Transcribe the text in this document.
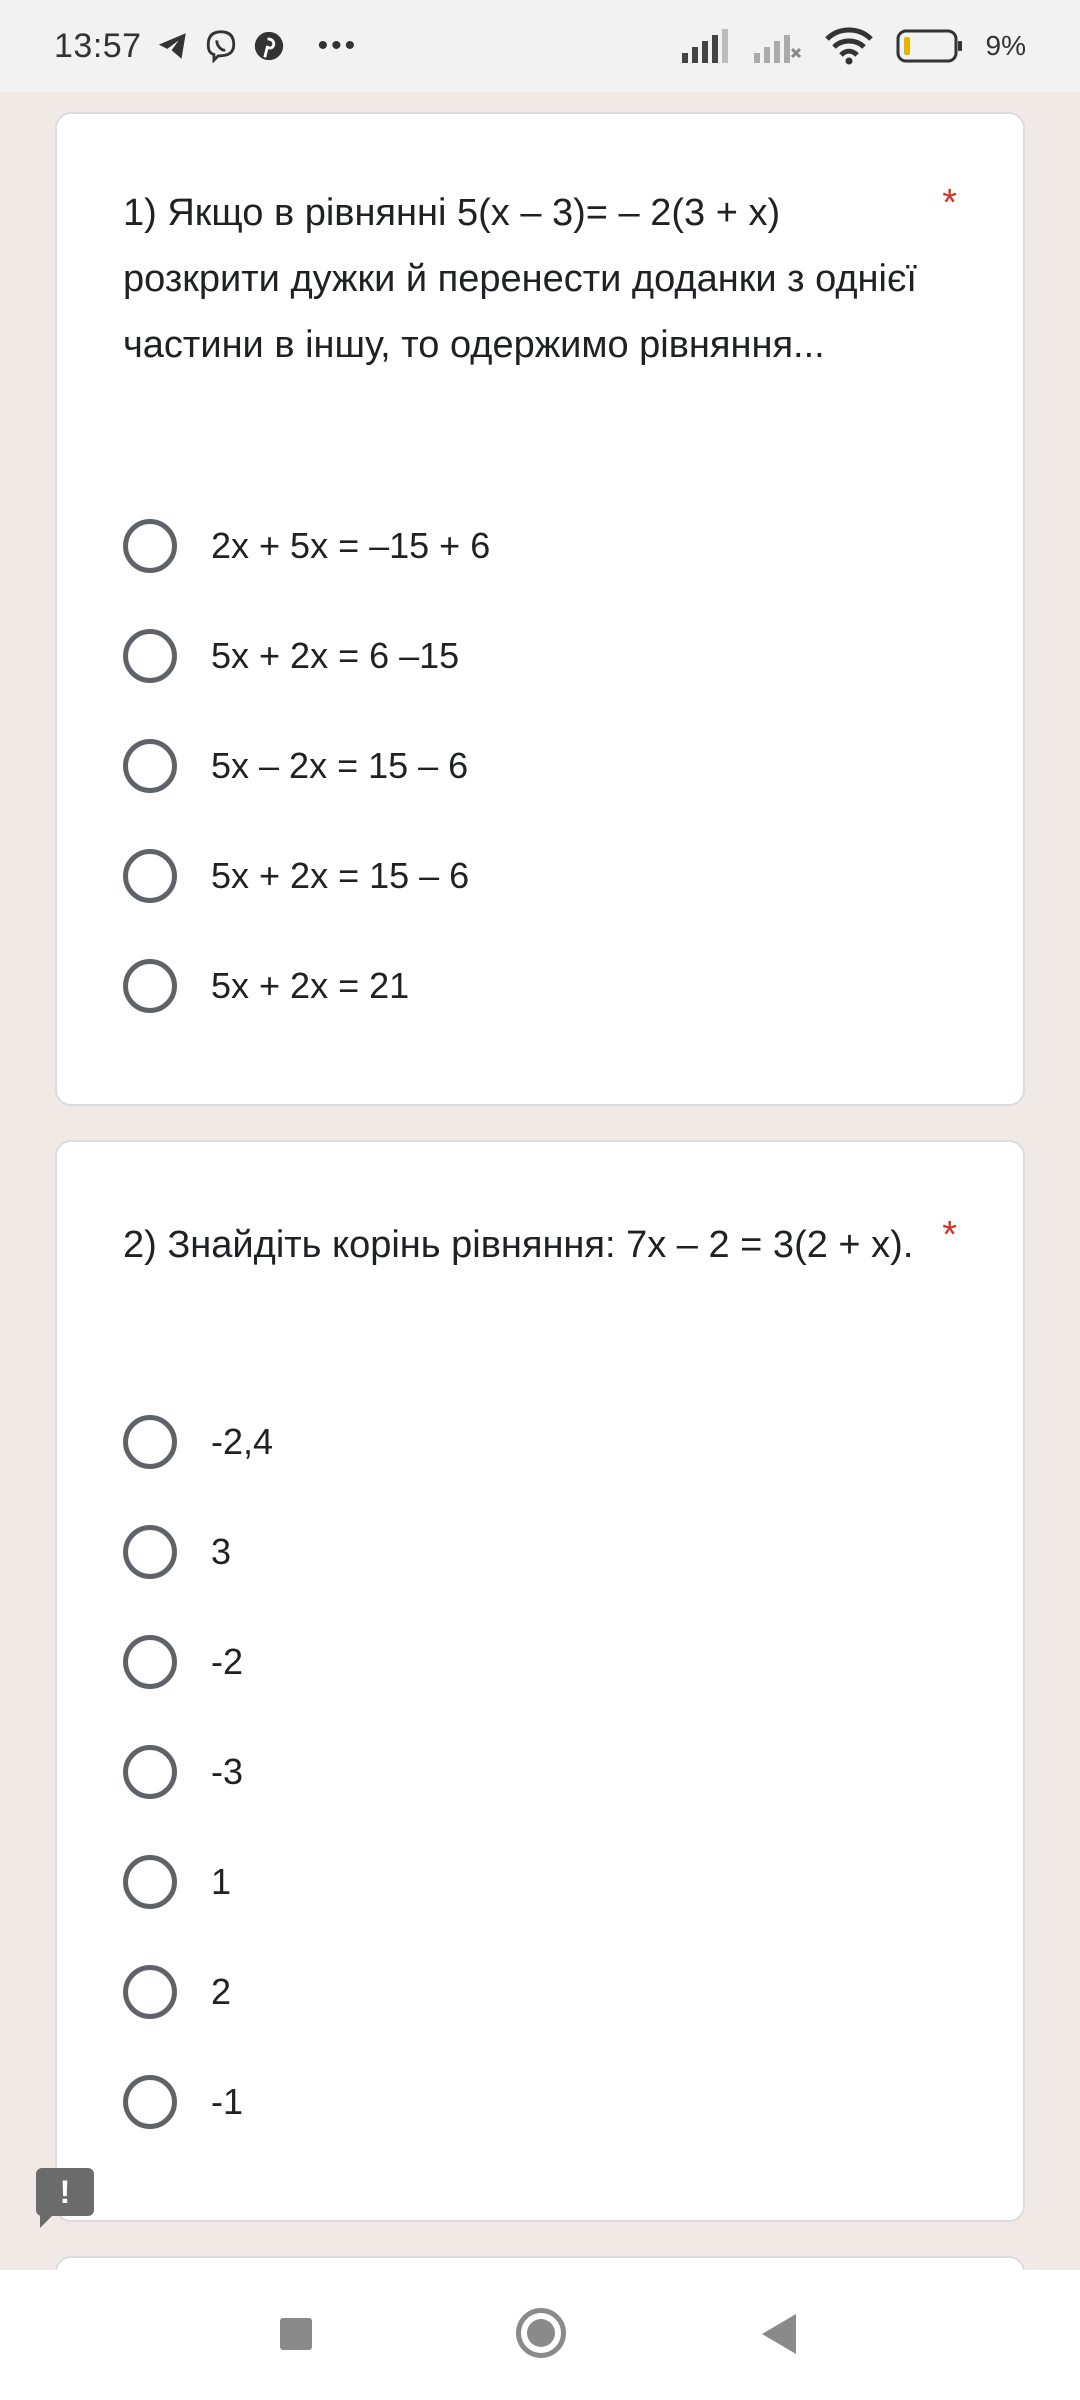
13:57	•••	9%
1) Якщо в рівнянні 5(x – 3)= – 2(3 + x) розкрити дужки й перенести доданки з однієї частини в іншу, то одержимо рівняння...
*
2x + 5x = –15 + 6
5x + 2x = 6 –15
5x – 2x = 15 – 6
5x + 2x = 15 – 6
5x + 2x = 21
2) Знайдіть корінь рівняння: 7x – 2 = 3(2 + x). *
-2,4
3
-2
-3
1
2
-1
!
